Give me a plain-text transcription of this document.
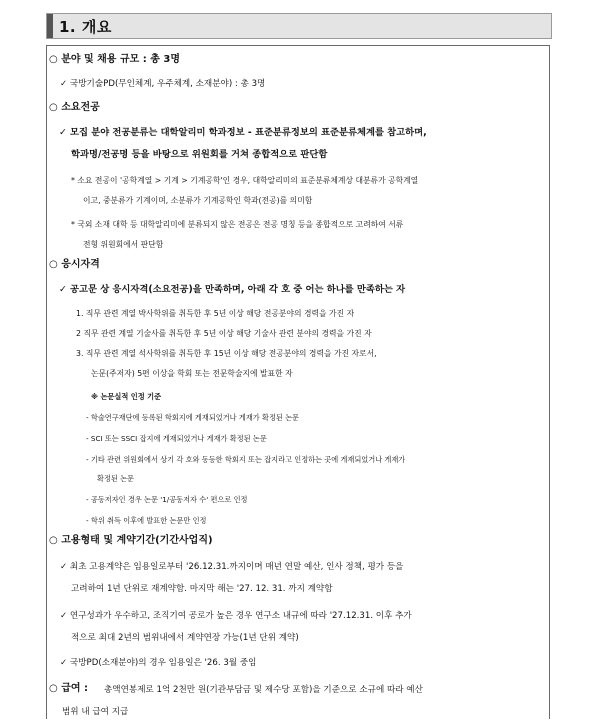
1. 개요
○ 분야 및 채용 규모 : 총 3명
✓ 국방기술PD(무인체계, 우주체계, 소재분야) : 총 3명
○ 소요전공
✓ 모집 분야 전공분류는 대학알리미 학과정보 - 표준분류정보의 표준분류체계를 참고하며,
학과명/전공명 등을 바탕으로 위원회를 거쳐 종합적으로 판단함
* 소요 전공이 '공학계열 > 기계 > 기계공학'인 경우, 대학알리미의 표준분류체계상 대분류가 공학계열
이고, 중분류가 기계이며, 소분류가 기계공학인 학과(전공)를 의미함
* 국외 소재 대학 등 대학알리미에 분류되지 않은 전공은 전공 명칭 등을 종합적으로 고려하여 서류
전형 위원회에서 판단함
○ 응시자격
✓ 공고문 상 응시자격(소요전공)을 만족하며, 아래 각 호 중 어는 하나를 만족하는 자
1. 직무 관련 계열 박사학위를 취득한 후 5년 이상 해당 전공분야의 경력을 가진 자
2 직무 관련 계열 기술사를 취득한 후 5년 이상 해당 기술사 관련 분야의 경력을 가진 자
3. 직무 관련 계열 석사학위를 취득한 후 15년 이상 해당 전공분야의 경력을 가진 자로서,
논문(주저자) 5편 이상을 학회 또는 전문학술지에 발표한 자
※ 논문실적 인정 기준
- 학술연구재단에 등록된 학회지에 게재되었거나 게재가 확정된 논문
- SCI 또는 SSCI 잡지에 게재되었거나 게재가 확정된 논문
- 기타 관련 위원회에서 상기 각 호와 동등한 학회지 또는 잡지라고 인정하는 곳에 게재되었거나 게재가
확정된 논문
- 공동저자인 경우 논문 '1/공동저자 수' 편으로 인정
- 학위 취득 이후에 발표한 논문만 인정
○ 고용형태 및 계약기간(기간사업직)
✓ 최초 고용계약은 임용일로부터 '26.12.31.까지이며 매년 연말 예산, 인사 정책, 평가 등을
고려하여 1년 단위로 재계약함. 마지막 해는 '27. 12. 31. 까지 계약함
✓ 연구성과가 우수하고, 조직기여 공로가 높은 경우 연구소 내규에 따라 '27.12.31. 이후 추가
적으로 최대 2년의 범위내에서 계약연장 가능(1년 단위 계약)
✓ 국방PD(소재분야)의 경우 임용일은 '26. 3월 중임
○ 급여 : 총액연봉제로 1억 2천만 원(기관부담금 및 제수당 포함)을 기준으로 소규에 따라 예산
범위 내 급여 지급
